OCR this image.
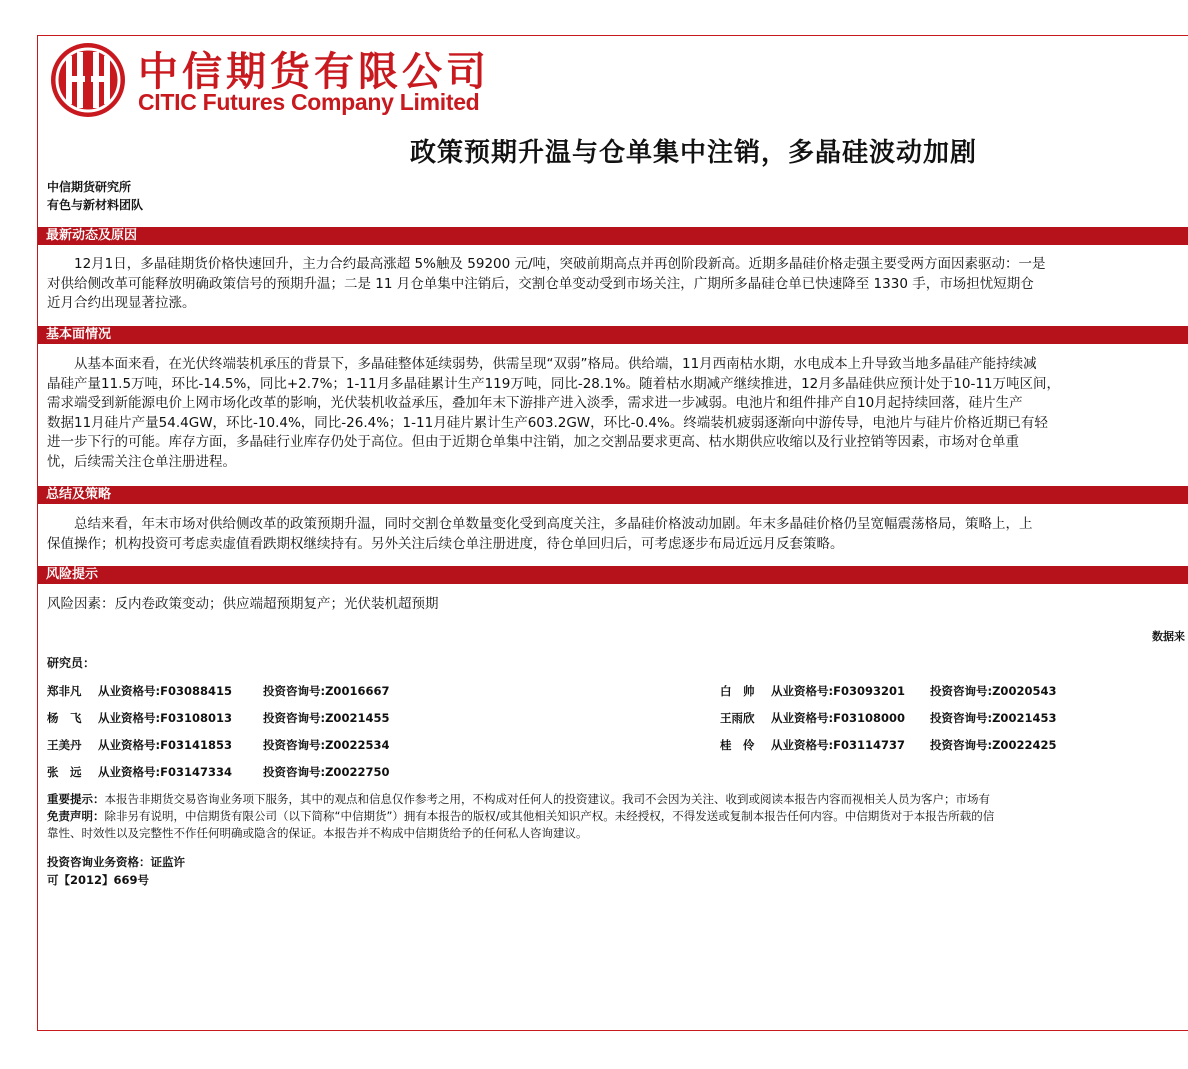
中信期货有限公司
CITIC Futures Company Limited
政策预期升温与仓单集中注销，多晶硅波动加剧
中信期货研究所
有色与新材料团队
最新动态及原因
　　12月1日，多晶硅期货价格快速回升，主力合约最高涨超 5%触及 59200 元/吨，突破前期高点并再创阶段新高。近期多晶硅价格走强主要受两方面因素驱动：一是
对供给侧改革可能释放明确政策信号的预期升温；二是 11 月仓单集中注销后，交割仓单变动受到市场关注，广期所多晶硅仓单已快速降至 1330 手，市场担忧短期仓
近月合约出现显著拉涨。
基本面情况
　　从基本面来看，在光伏终端装机承压的背景下，多晶硅整体延续弱势，供需呈现“双弱”格局。供给端，11月西南枯水期，水电成本上升导致当地多晶硅产能持续减
晶硅产量11.5万吨，环比-14.5%，同比+2.7%；1-11月多晶硅累计生产119万吨，同比-28.1%。随着枯水期减产继续推进，12月多晶硅供应预计处于10-11万吨区间，
需求端受到新能源电价上网市场化改革的影响，光伏装机收益承压，叠加年末下游排产进入淡季，需求进一步减弱。电池片和组件排产自10月起持续回落，硅片生产
数据11月硅片产量54.4GW，环比-10.4%，同比-26.4%；1-11月硅片累计生产603.2GW，环比-0.4%。终端装机疲弱逐渐向中游传导，电池片与硅片价格近期已有轻
进一步下行的可能。库存方面，多晶硅行业库存仍处于高位。但由于近期仓单集中注销，加之交割品要求更高、枯水期供应收缩以及行业控销等因素，市场对仓单重
忧，后续需关注仓单注册进程。
总结及策略
　　总结来看，年末市场对供给侧改革的政策预期升温，同时交割仓单数量变化受到高度关注，多晶硅价格波动加剧。年末多晶硅价格仍呈宽幅震荡格局，策略上，上
保值操作；机构投资可考虑卖虚值看跌期权继续持有。另外关注后续仓单注册进度，待仓单回归后，可考虑逐步布局近远月反套策略。
风险提示
风险因素：反内卷政策变动；供应端超预期复产；光伏装机超预期
数据来
研究员：
郑非凡 从业资格号:F03088415	投资咨询号:Z0016667
杨　飞 从业资格号:F03108013	投资咨询号:Z0021455
王美丹 从业资格号:F03141853	投资咨询号:Z0022534
张　远 从业资格号:F03147334	投资咨询号:Z0022750
白　帅 从业资格号:F03093201 投资咨询号:Z0020543
王雨欣 从业资格号:F03108000 投资咨询号:Z0021453
桂　伶 从业资格号:F03114737 投资咨询号:Z0022425
重要提示：本报告非期货交易咨询业务项下服务，其中的观点和信息仅作参考之用，不构成对任何人的投资建议。我司不会因为关注、收到或阅读本报告内容而视相关人员为客户；市场有
免责声明：除非另有说明，中信期货有限公司（以下简称“中信期货”）拥有本报告的版权/或其他相关知识产权。未经授权，不得发送或复制本报告任何内容。中信期货对于本报告所载的信
靠性、时效性以及完整性不作任何明确或隐含的保证。本报告并不构成中信期货给予的任何私人咨询建议。
投资咨询业务资格：证监许
可【2012】669号
